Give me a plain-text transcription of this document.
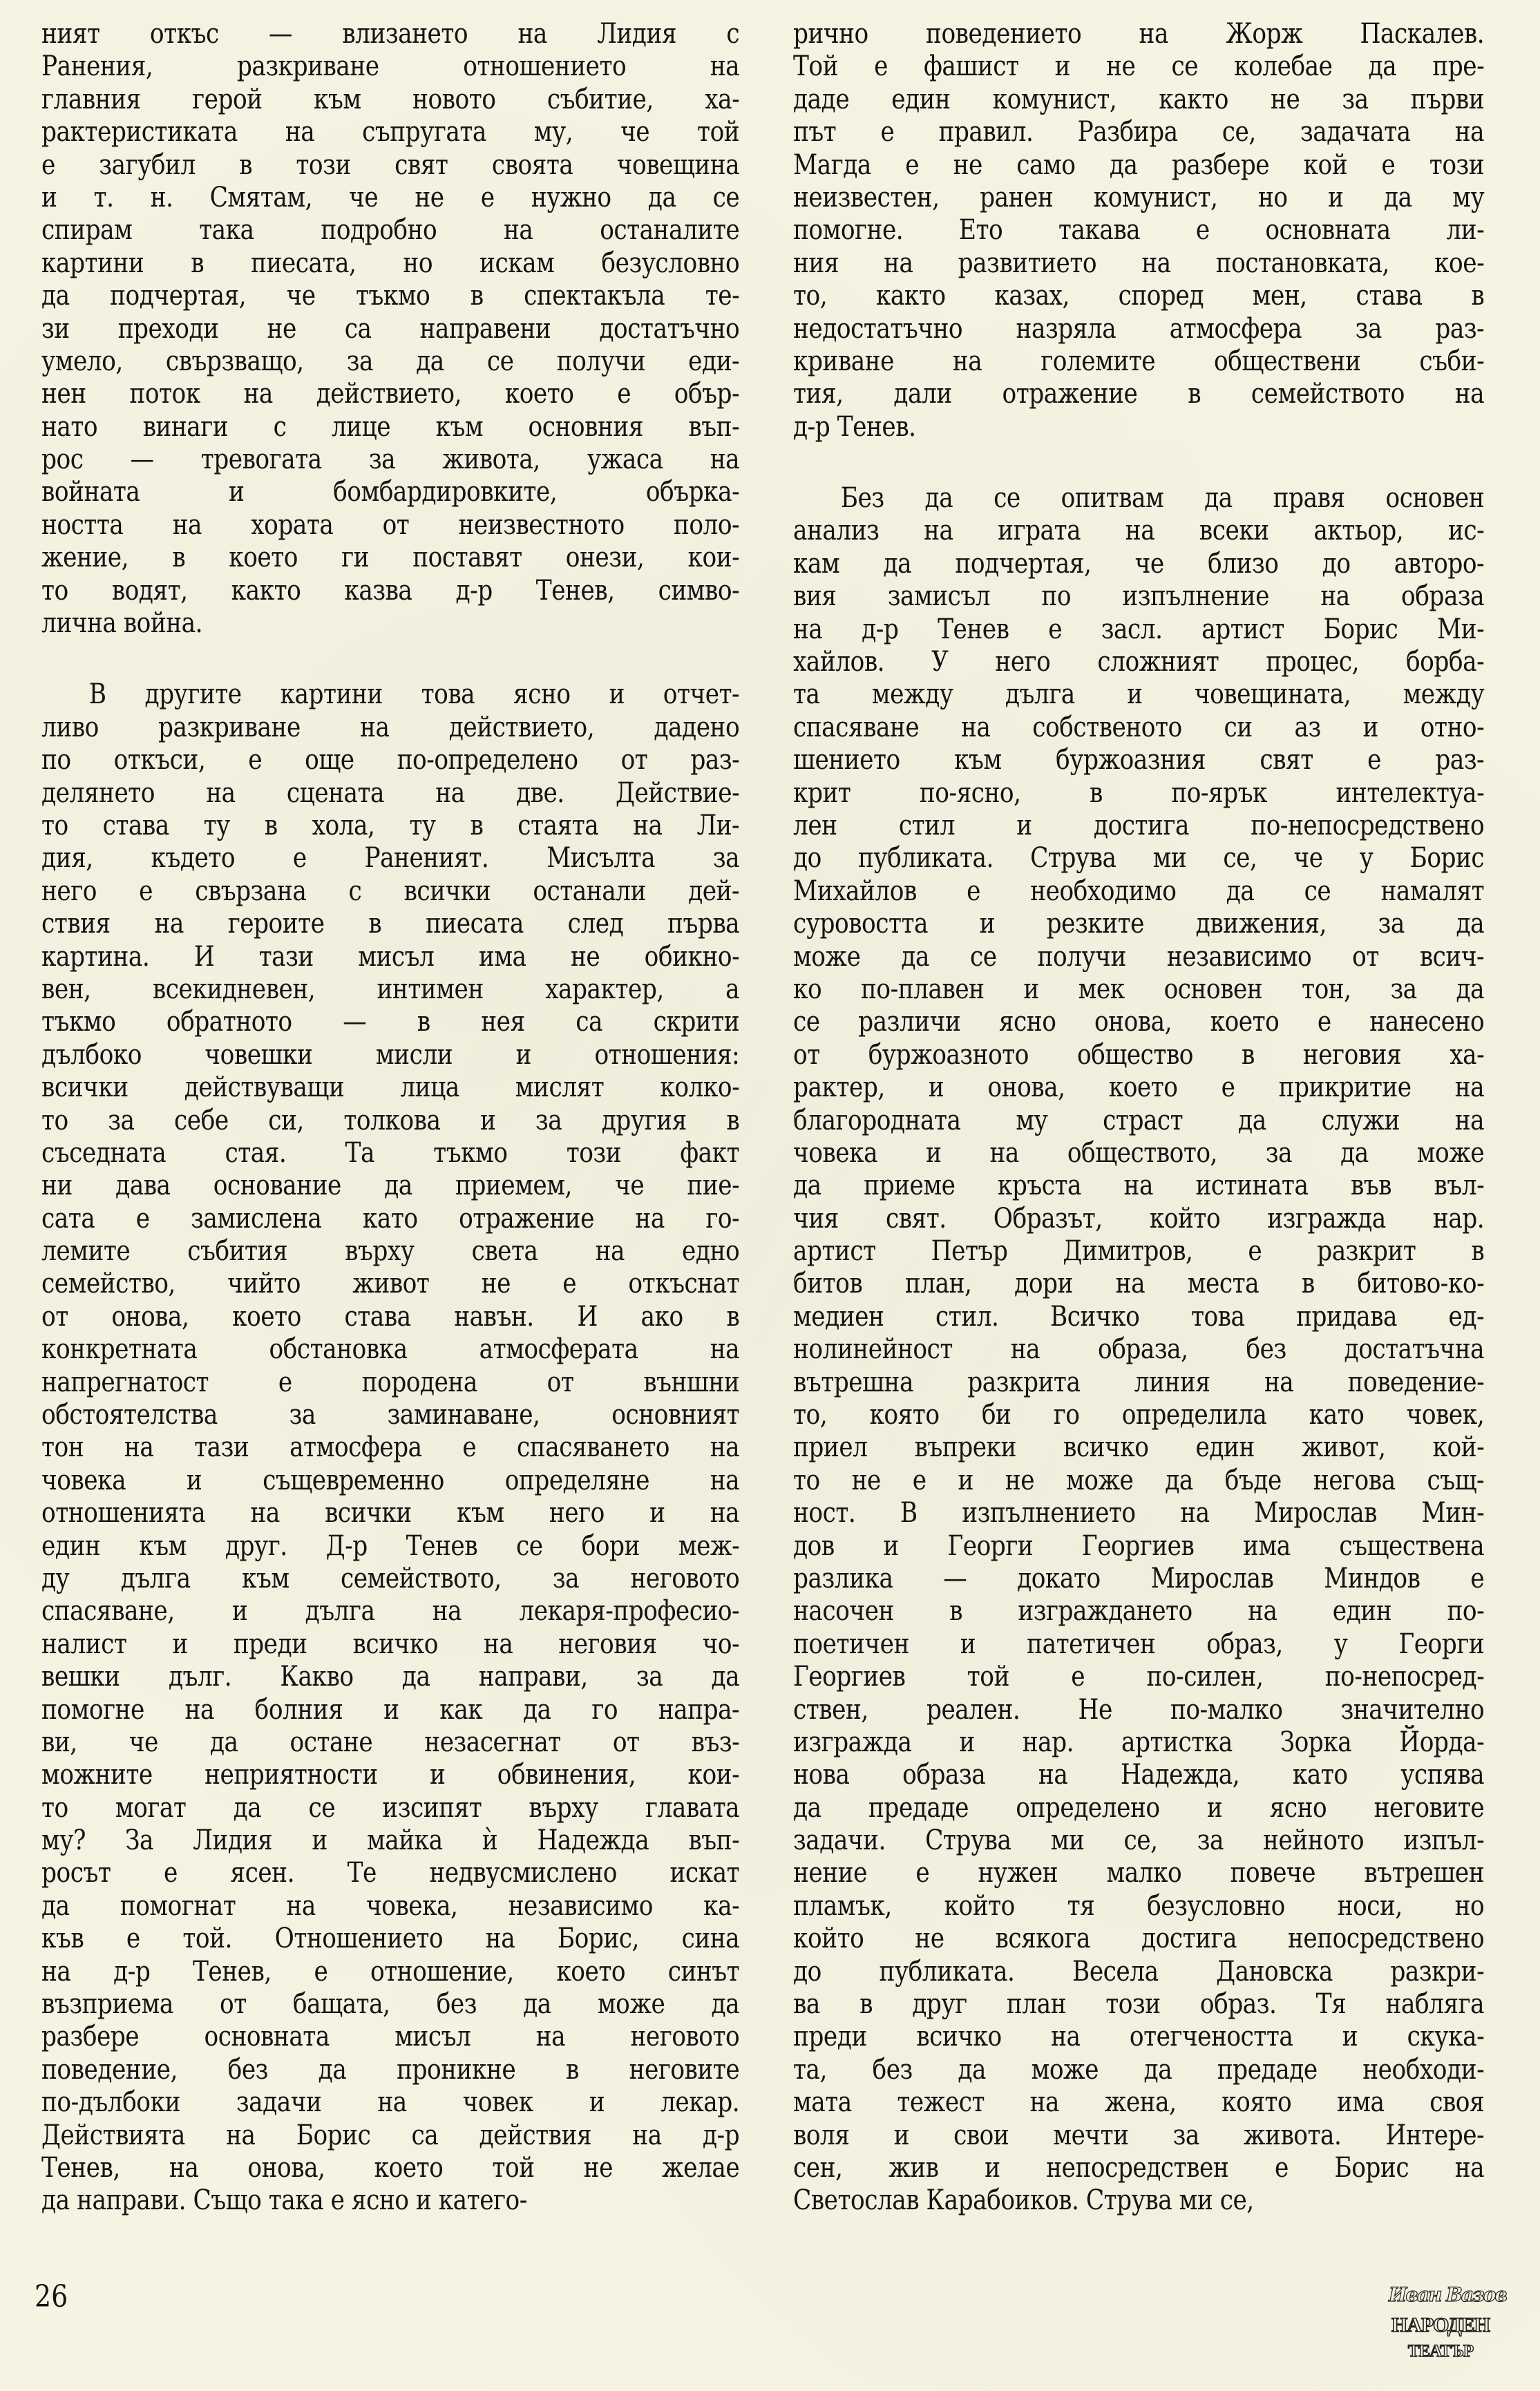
ният откъс — влизането на Лидия с
Ранения, разкриване отношението на
главния герой към новото събитие, ха-
рактеристиката на съпругата му, че той
е загубил в този свят своята човещина
и т. н. Смятам, че не е нужно да се
спирам така подробно на останалите
картини в пиесата, но искам безусловно
да подчертая, че тъкмо в спектакъла те-
зи преходи не са направени достатъчно
умело, свързващо, за да се получи еди-
нен поток на действието, което е обър-
нато винаги с лице към основния въп-
рос — тревогата за живота, ужаса на
войната и бомбардировките, обърка-
ността на хората от неизвестното поло-
жение, в което ги поставят онези, кои-
то водят, както казва д-р Тенев, симво-
лична война.
В другите картини това ясно и отчет-
ливо разкриване на действието, дадено
по откъси, е още по-определено от раз-
делянето на сцената на две. Действие-
то става ту в хола, ту в стаята на Ли-
дия, където е Раненият. Мисълта за
него е свързана с всички останали дей-
ствия на героите в пиесата след първа
картина. И тази мисъл има не обикно-
вен, всекидневен, интимен характер, а
тъкмо обратното — в нея са скрити
дълбоко човешки мисли и отношения:
всички действуващи лица мислят колко-
то за себе си, толкова и за другия в
съседната стая. Та тъкмо този факт
ни дава основание да приемем, че пие-
сата е замислена като отражение на го-
лемите събития върху света на едно
семейство, чийто живот не е откъснат
от онова, което става навън. И ако в
конкретната обстановка атмосферата на
напрегнатост е породена от външни
обстоятелства за заминаване, основният
тон на тази атмосфера е спасяването на
човека и същевременно определяне на
отношенията на всички към него и на
един към друг. Д-р Тенев се бори меж-
ду дълга към семейството, за неговото
спасяване, и дълга на лекаря-професио-
налист и преди всичко на неговия чо-
вешки дълг. Какво да направи, за да
помогне на болния и как да го напра-
ви, че да остане незасегнат от въз-
можните неприятности и обвинения, кои-
то могат да се изсипят върху главата
му? За Лидия и майка ѝ Надежда въп-
росът е ясен. Те недвусмислено искат
да помогнат на човека, независимо ка-
къв е той. Отношението на Борис, сина
на д-р Тенев, е отношение, което синът
възприема от бащата, без да може да
разбере основната мисъл на неговото
поведение, без да проникне в неговите
по-дълбоки задачи на човек и лекар.
Действията на Борис са действия на д-р
Тенев, на онова, което той не желае
да направи. Също така е ясно и катего-
рично поведението на Жорж Паскалев.
Той е фашист и не се колебае да пре-
даде един комунист, както не за първи
път е правил. Разбира се, задачата на
Магда е не само да разбере кой е този
неизвестен, ранен комунист, но и да му
помогне. Ето такава е основната ли-
ния на развитието на постановката, кое-
то, както казах, според мен, става в
недостатъчно назряла атмосфера за раз-
криване на големите обществени съби-
тия, дали отражение в семейството на
д-р Тенев.
Без да се опитвам да правя основен
анализ на играта на всеки актьор, ис-
кам да подчертая, че близо до авторо-
вия замисъл по изпълнение на образа
на д-р Тенев е засл. артист Борис Ми-
хайлов. У него сложният процес, борба-
та между дълга и човещината, между
спасяване на собственото си аз и отно-
шението към буржоазния свят е раз-
крит по-ясно, в по-ярък интелектуа-
лен стил и достига по-непосредствено
до публиката. Струва ми се, че у Борис
Михайлов е необходимо да се намалят
суровостта и резките движения, за да
може да се получи независимо от всич-
ко по-плавен и мек основен тон, за да
се различи ясно онова, което е нанесено
от буржоазното общество в неговия ха-
рактер, и онова, което е прикритие на
благородната му страст да служи на
човека и на обществото, за да може
да приеме кръста на истината във въл-
чия свят. Образът, който изгражда нар.
артист Петър Димитров, е разкрит в
битов план, дори на места в битово-ко-
медиен стил. Всичко това придава ед-
нолинейност на образа, без достатъчна
вътрешна разкрита линия на поведение-
то, която би го определила като човек,
приел въпреки всичко един живот, кой-
то не е и не може да бъде негова същ-
ност. В изпълнението на Мирослав Мин-
дов и Георги Георгиев има съществена
разлика — докато Мирослав Миндов е
насочен в изграждането на един по-
поетичен и патетичен образ, у Георги
Георгиев той е по-силен, по-непосред-
ствен, реален. Не по-малко значително
изгражда и нар. артистка Зорка Йорда-
нова образа на Надежда, като успява
да предаде определено и ясно неговите
задачи. Струва ми се, за нейното изпъл-
нение е нужен малко повече вътрешен
пламък, който тя безусловно носи, но
който не всякога достига непосредствено
до публиката. Весела Дановска разкри-
ва в друг план този образ. Тя набляга
преди всичко на отегчеността и скука-
та, без да може да предаде необходи-
мата тежест на жена, която има своя
воля и свои мечти за живота. Интере-
сен, жив и непосредствен е Борис на
Светослав Карабоиков. Струва ми се,
26	Иван Вазов
НАРОДЕН
ТЕАТЪР
